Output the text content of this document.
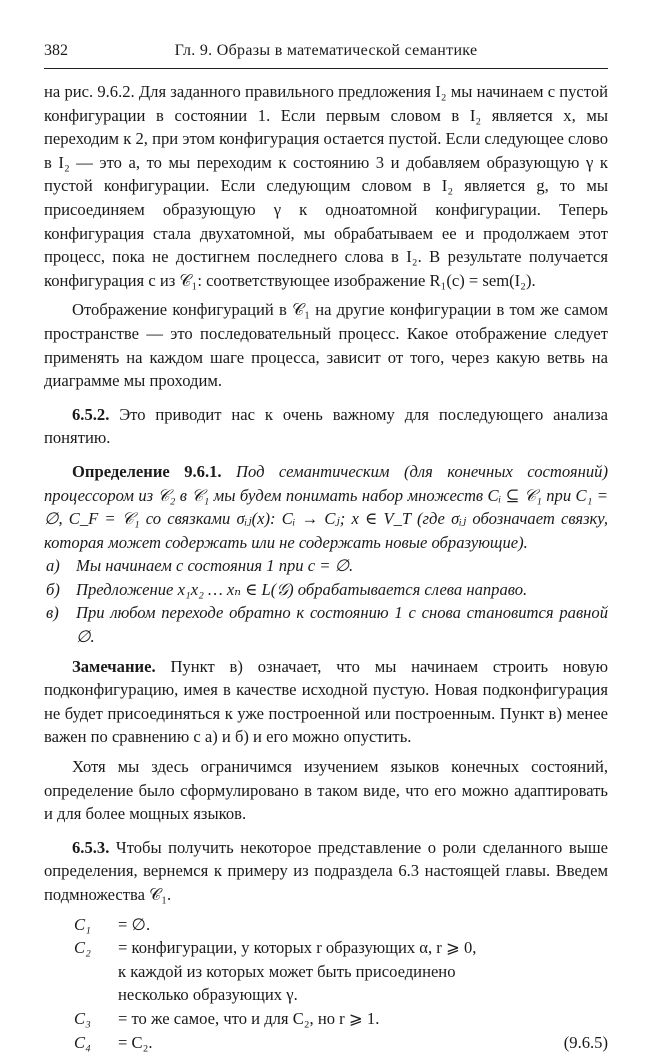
382	Гл. 9. Образы в математической семантике

на рис. 9.6.2. Для заданного правильного предложения I₂ мы начинаем с пустой конфигурации в состоянии 1. Если первым словом в I₂ является x, мы переходим к 2, при этом конфигурация остается пустой. Если следующее слово в I₂ — это a, то мы переходим к состоянию 3 и добавляем образующую γ к пустой конфигурации. Если следующим словом в I₂ является g, то мы присоединяем образующую γ к одноатомной конфигурации. Теперь конфигурация стала двухатомной, мы обрабатываем ее и продолжаем этот процесс, пока не достигнем последнего слова в I₂. В результате получается конфигурация c из 𝒞₁: соответствующее изображение R₁(c) = sem(I₂).

Отображение конфигураций в 𝒞₁ на другие конфигурации в том же самом пространстве — это последовательный процесс. Какое отображение следует применять на каждом шаге процесса, зависит от того, через какую ветвь на диаграмме мы проходим.

6.5.2. Это приводит нас к очень важному для последующего анализа понятию.

Определение 9.6.1. Под семантическим (для конечных состояний) процессором из 𝒞₂ в 𝒞₁ мы будем понимать набор множеств Cᵢ ⊆ 𝒞₁ при C₁ = ∅, C_F = 𝒞₁ со связками σᵢⱼ(x): Cᵢ → Cⱼ; x ∈ V_T (где σᵢⱼ обозначает связку, которая может содержать или не содержать новые образующие).

а) Мы начинаем с состояния 1 при c = ∅.
б) Предложение x₁x₂ … xₙ ∈ L(𝒢) обрабатывается слева направо.
в)	При любом переходе обратно к состоянию 1 с снова становится равной ∅.

Замечание. Пункт в) означает, что мы начинаем строить новую подконфигурацию, имея в качестве исходной пустую. Новая подконфигурация не будет присоединяться к уже построенной или построенным. Пункт в) менее важен по сравнению с а) и б) и его можно опустить.

Хотя мы здесь ограничимся изучением языков конечных состояний, определение было сформулировано в таком виде, что его можно адаптировать и для более мощных языков.

6.5.3. Чтобы получить некоторое представление о роли сделанного выше определения, вернемся к примеру из подраздела 6.3 настоящей главы. Введем подмножества 𝒞₁.

C₁	= ∅.
C₂	= конфигурации, у которых r образующих α, r ⩾ 0,
к каждой из которых может быть присоединено
несколько образующих γ.
C₃	= то же самое, что и для C₂, но r ⩾ 1.
C₄	= C₂.	(9.6.5)
